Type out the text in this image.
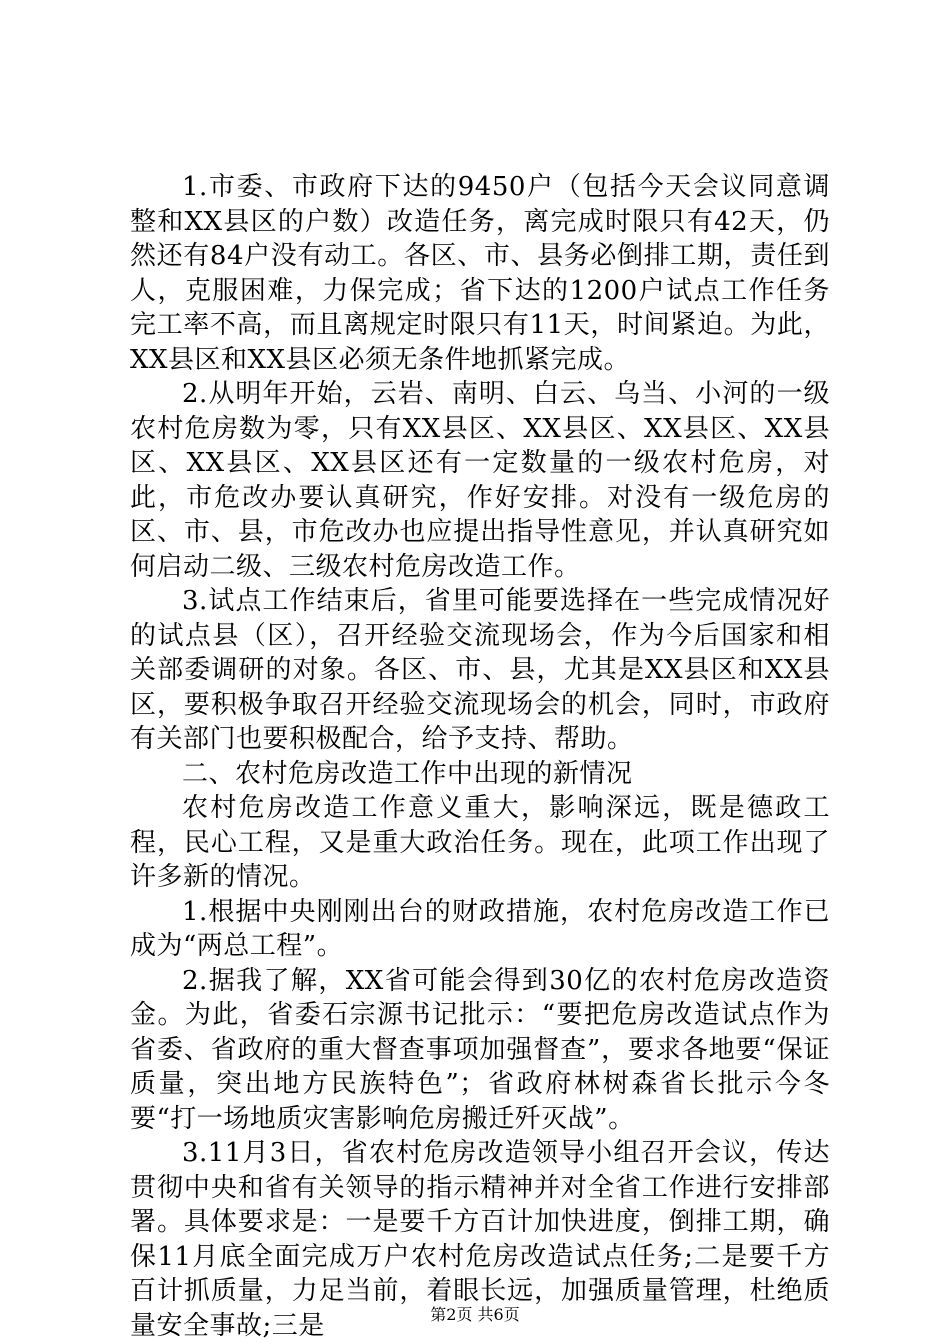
1.市委、市政府下达的9450户（包括今天会议同意调整和XX县区的户数）改造任务，离完成时限只有42天，仍然还有84户没有动工。各区、市、县务必倒排工期，责任到人，克服困难，力保完成；省下达的1200户试点工作任务完工率不高，而且离规定时限只有11天，时间紧迫。为此，XX县区和XX县区必须无条件地抓紧完成。

2.从明年开始，云岩、南明、白云、乌当、小河的一级农村危房数为零，只有XX县区、XX县区、XX县区、XX县区、XX县区、XX县区还有一定数量的一级农村危房，对此，市危改办要认真研究，作好安排。对没有一级危房的区、市、县，市危改办也应提出指导性意见，并认真研究如何启动二级、三级农村危房改造工作。

3.试点工作结束后，省里可能要选择在一些完成情况好的试点县（区），召开经验交流现场会，作为今后国家和相关部委调研的对象。各区、市、县，尤其是XX县区和XX县区，要积极争取召开经验交流现场会的机会，同时，市政府有关部门也要积极配合，给予支持、帮助。

二、农村危房改造工作中出现的新情况

农村危房改造工作意义重大，影响深远，既是德政工程，民心工程，又是重大政治任务。现在，此项工作出现了许多新的情况。

1.根据中央刚刚出台的财政措施，农村危房改造工作已成为“两总工程”。

2.据我了解，XX省可能会得到30亿的农村危房改造资金。为此，省委石宗源书记批示：“要把危房改造试点作为省委、省政府的重大督查事项加强督查”，要求各地要“保证质量，突出地方民族特色”；省政府林树森省长批示今冬要“打一场地质灾害影响危房搬迁歼灭战”。

3.11月3日，省农村危房改造领导小组召开会议，传达贯彻中央和省有关领导的指示精神并对全省工作进行安排部署。具体要求是：一是要千方百计加快进度，倒排工期，确保11月底全面完成万户农村危房改造试点任务;二是要千方百计抓质量，力足当前，着眼长远，加强质量管理，杜绝质量安全事故;三是	第2页 共6页
